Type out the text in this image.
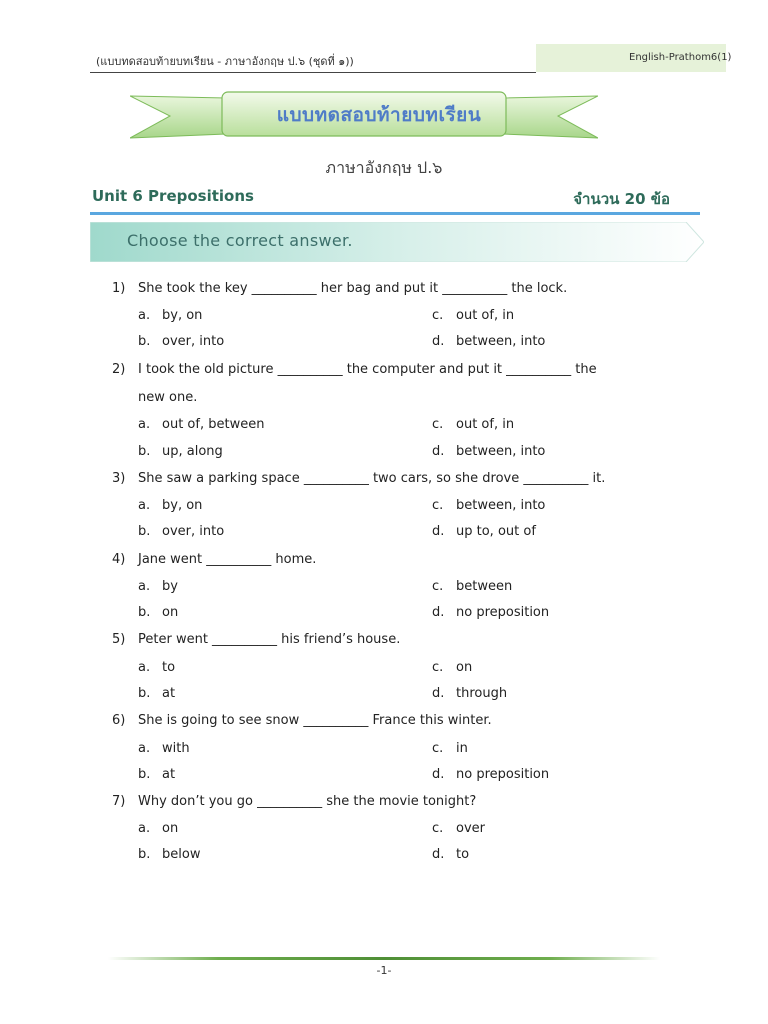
(แบบทดสอบท้ายบทเรียน - ภาษาอังกฤษ ป.๖ (ชุดที่ ๑))	English-Prathom6(1)
แบบทดสอบท้ายบทเรียน
ภาษาอังกฤษ ป.๖
Unit 6 Prepositions	จำนวน 20 ข้อ
Choose the correct answer.
1) She took the key __________ her bag and put it __________ the lock.
a. by, on
b. over, into
c. out of, in
d. between, into
2) I took the old picture __________ the computer and put it __________ the
new one.
a. out of, between
b. up, along
c. out of, in
d. between, into
3) She saw a parking space __________ two cars, so she drove __________ it.
a. by, on
b. over, into
c. between, into
d. up to, out of
4) Jane went __________ home.
a. by
b. on
c. between
d. no preposition
5) Peter went __________ his friend’s house.
a. to
b. at
c. on
d. through
6) She is going to see snow __________ France this winter.
a. with
b. at
c. in
d. no preposition
7) Why don’t you go __________ she the movie tonight?
a. on
b. below
c. over
d. to
-1-
